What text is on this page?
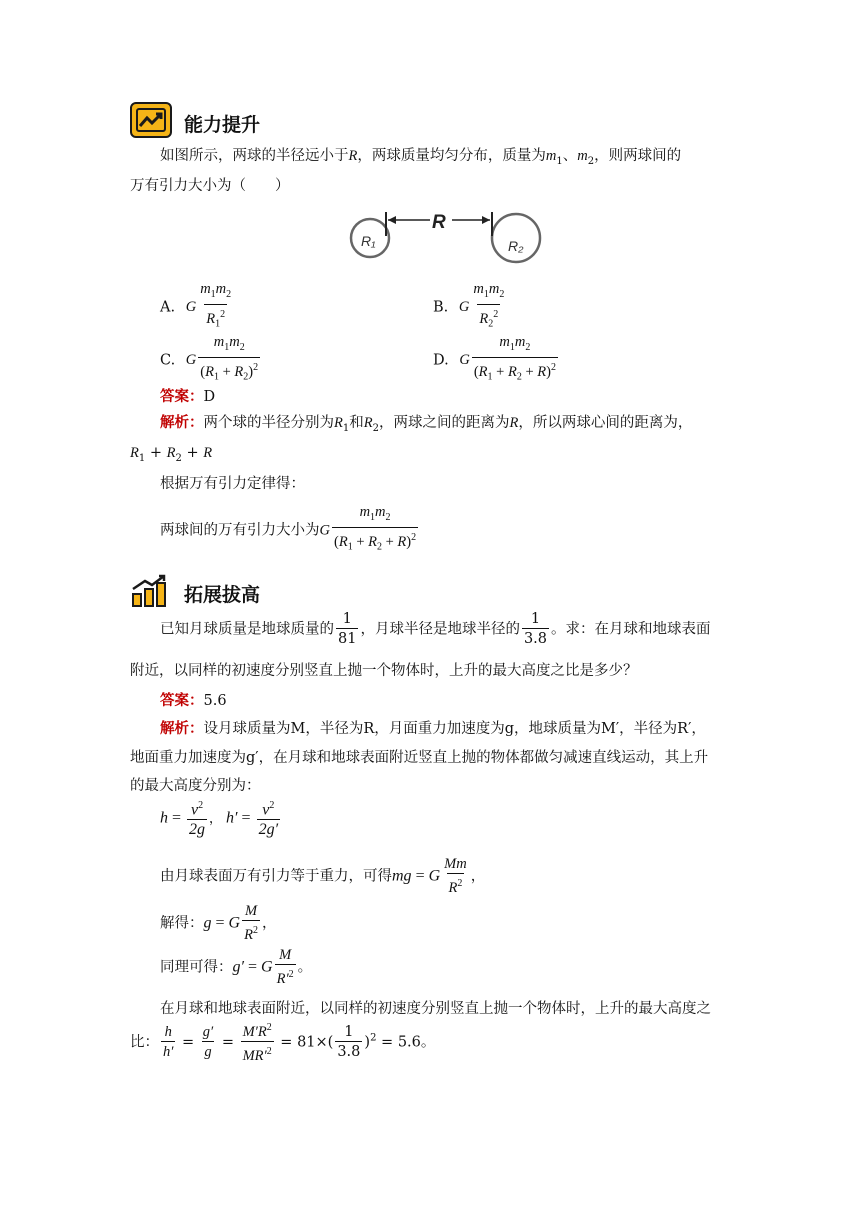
能力提升
如图所示，两球的半径远小于R，两球质量均匀分布，质量为$m_1$、$m_2$，则两球间的
万有引力大小为（　　）
R
R₁	R₂
A. G $\frac{m_1m_2}{R_1^2}$	B. G $\frac{m_1m_2}{R_2^2}$
C. G $\frac{m_1m_2}{(R_1 + R_2)^2}$	D. G $\frac{m_1m_2}{(R_1 + R_2 + R)^2}$
答案：D
解析：两个球的半径分别为$R_1$和$R_2$，两球之间的距离为R，所以两球心间的距离为，
$R_1 + R_2 + R$
根据万有引力定律得：
两球间的万有引力大小为G $\frac{m_1m_2}{(R_1 + R_2 + R)^2}$
拓展拔高
已知月球质量是地球质量的 $\frac{1}{81}$ ，月球半径是地球半径的 $\frac{1}{3.8}$ 。求：在月球和地球表面
附近，以同样的初速度分别竖直上抛一个物体时，上升的最大高度之比是多少？
答案：5.6
解析：设月球质量为M，半径为R，月面重力加速度为g，地球质量为M′，半径为R′，
地面重力加速度为g′，在月球和地球表面附近竖直上抛的物体都做匀减速直线运动，其上升
的最大高度分别为：
$h = \frac{v^2}{2g}$ ， $h' = \frac{v^2}{2g'}$
由月球表面万有引力等于重力，可得mg = G $\frac{Mm}{R^2}$ ，
解得：g = G $\frac{M}{R^2}$ ，
同理可得：g′ = G $\frac{M}{R'^2}$ 。
在月球和地球表面附近，以同样的初速度分别竖直上抛一个物体时，上升的最大高度之
比： $\frac{h}{h'} = \frac{g'}{g} = \frac{M'R^2}{MR'^2} = 81\times( \frac{1}{3.8} )^2 = 5.6$。
